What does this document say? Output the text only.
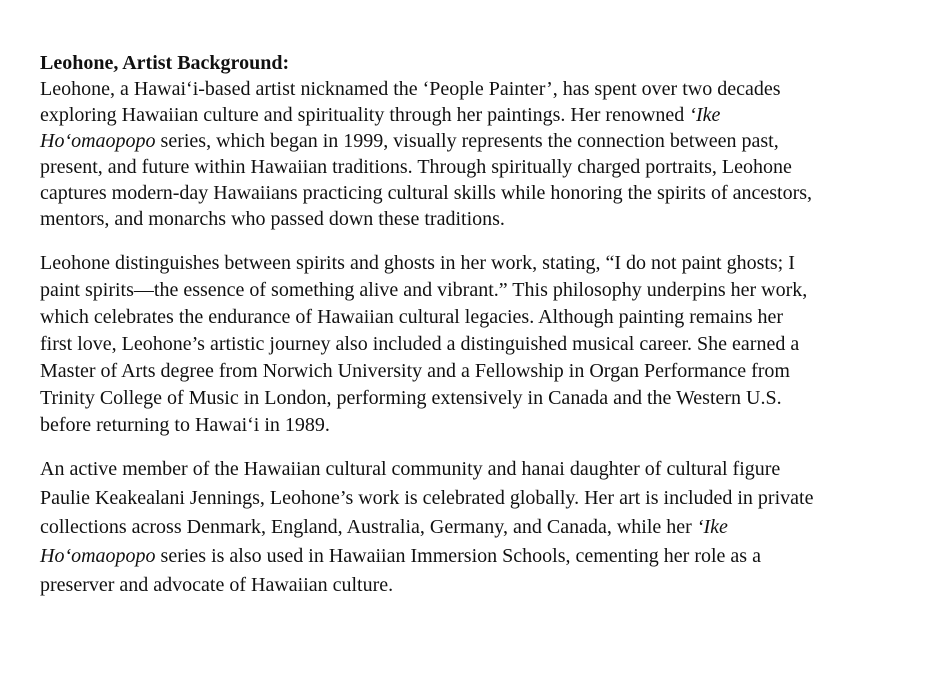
Leohone, Artist Background:
Leohone, a Hawai‘i-based artist nicknamed the ‘People Painter’, has spent over two decades
exploring Hawaiian culture and spirituality through her paintings. Her renowned ‘Ike
Ho‘omaopopo series, which began in 1999, visually represents the connection between past,
present, and future within Hawaiian traditions. Through spiritually charged portraits, Leohone
captures modern-day Hawaiians practicing cultural skills while honoring the spirits of ancestors,
mentors, and monarchs who passed down these traditions.
Leohone distinguishes between spirits and ghosts in her work, stating, “I do not paint ghosts; I
paint spirits—the essence of something alive and vibrant.” This philosophy underpins her work,
which celebrates the endurance of Hawaiian cultural legacies. Although painting remains her
first love, Leohone’s artistic journey also included a distinguished musical career. She earned a
Master of Arts degree from Norwich University and a Fellowship in Organ Performance from
Trinity College of Music in London, performing extensively in Canada and the Western U.S.
before returning to Hawai‘i in 1989.
An active member of the Hawaiian cultural community and hanai daughter of cultural figure
Paulie Keakealani Jennings, Leohone’s work is celebrated globally. Her art is included in private
collections across Denmark, England, Australia, Germany, and Canada, while her ‘Ike
Ho‘omaopopo series is also used in Hawaiian Immersion Schools, cementing her role as a
preserver and advocate of Hawaiian culture.
